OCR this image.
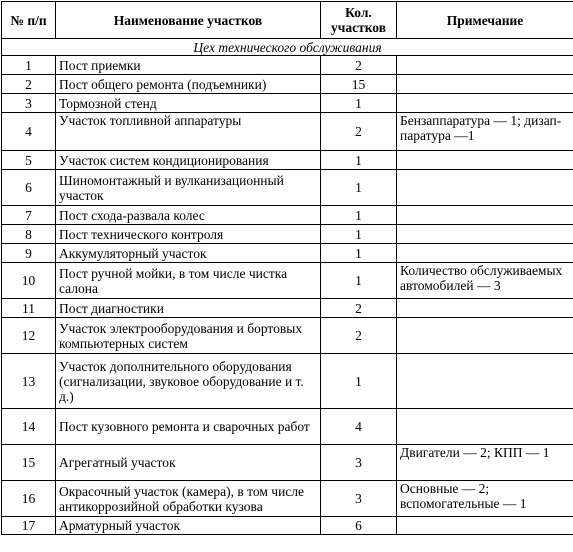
№ п/п	Наименование участков	Кол. участков	Примечание
Цех технического обслуживания			
1	Пост приемки	2	
2	Пост общего ремонта (подъемники)	15	
3	Тормозной стенд	1	
4	Участок топливной аппаратуры	2	Бензаппаратура — 1; дизаппаратура —1
5	Участок систем кондиционирования	1	
6	Шиномонтажный и вулканизационный участок	1	
7	Пост схода-развала колес	1	
8	Пост технического контроля	1	
9	Аккумуляторный участок	1	
10	Пост ручной мойки, в том числе чистка салона	1	Количество обслуживаемых автомобилей — 3
11	Пост диагностики	2	
12	Участок электрооборудования и бортовых компьютерных систем	2	
13	Участок дополнительного оборудования (сигнализации, звуковое оборудование и т. д.)	1	
14	Пост кузовного ремонта и сварочных работ	4	
15	Агрегатный участок	3	Двигатели — 2; КПП — 1
16	Окрасочный участок (камера), в том числе антикоррозийной обработки кузова	3	Основные — 2; вспомогательные — 1
17	Арматурный участок	6	
